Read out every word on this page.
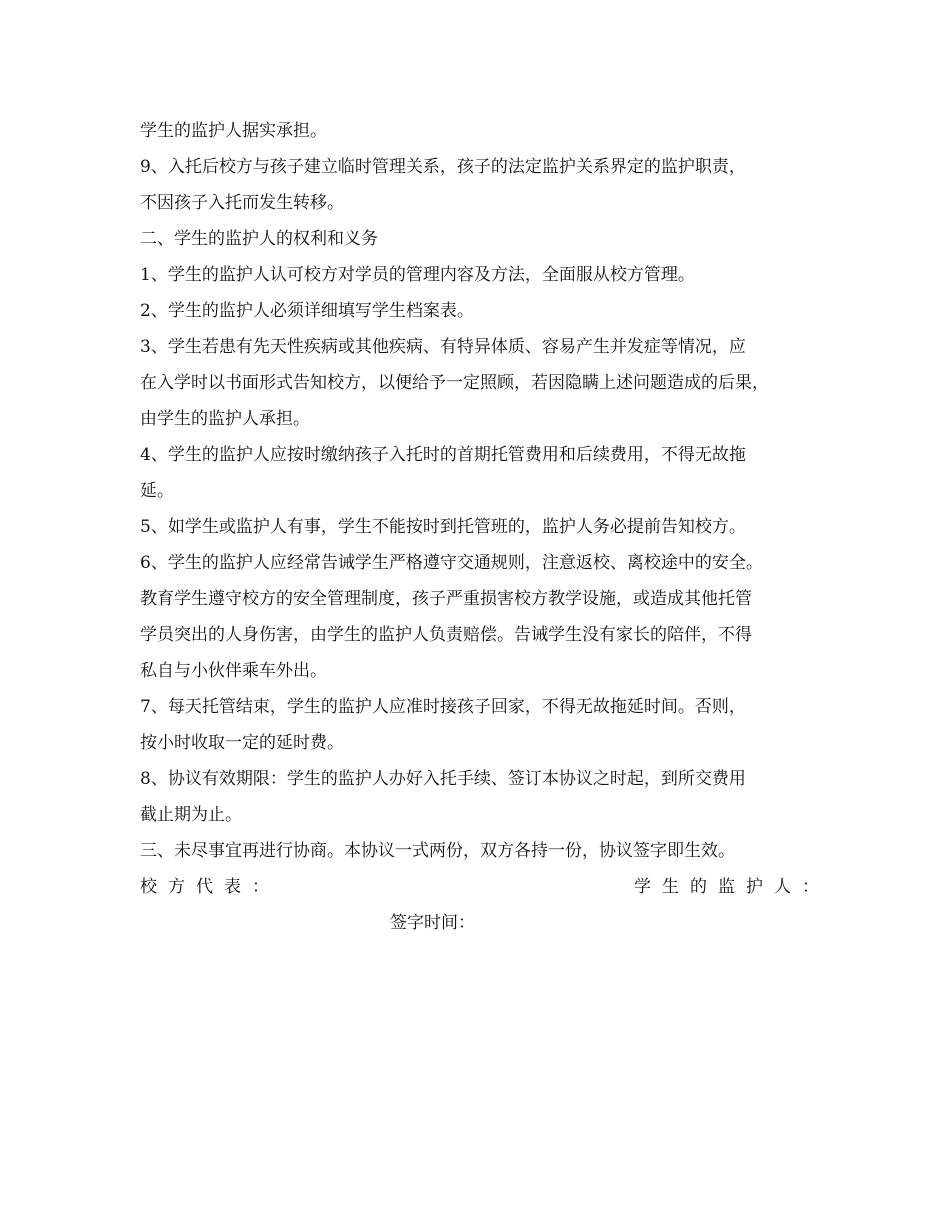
学生的监护人据实承担。
9、入托后校方与孩子建立临时管理关系，孩子的法定监护关系界定的监护职责，
不因孩子入托而发生转移。
二、学生的监护人的权利和义务
1、学生的监护人认可校方对学员的管理内容及方法，全面服从校方管理。
2、学生的监护人必须详细填写学生档案表。
3、学生若患有先天性疾病或其他疾病、有特异体质、容易产生并发症等情况，应
在入学时以书面形式告知校方，以便给予一定照顾，若因隐瞒上述问题造成的后果，
由学生的监护人承担。
4、学生的监护人应按时缴纳孩子入托时的首期托管费用和后续费用，不得无故拖
延。
5、如学生或监护人有事，学生不能按时到托管班的，监护人务必提前告知校方。
6、学生的监护人应经常告诫学生严格遵守交通规则，注意返校、离校途中的安全。
教育学生遵守校方的安全管理制度，孩子严重损害校方教学设施，或造成其他托管
学员突出的人身伤害，由学生的监护人负责赔偿。告诫学生没有家长的陪伴，不得
私自与小伙伴乘车外出。
7、每天托管结束，学生的监护人应准时接孩子回家，不得无故拖延时间。否则，
按小时收取一定的延时费。
8、协议有效期限：学生的监护人办好入托手续、签订本协议之时起，到所交费用
截止期为止。
三、未尽事宜再进行协商。本协议一式两份，双方各持一份，协议签字即生效。
校方代表：	学生的监护人：
签字时间：
